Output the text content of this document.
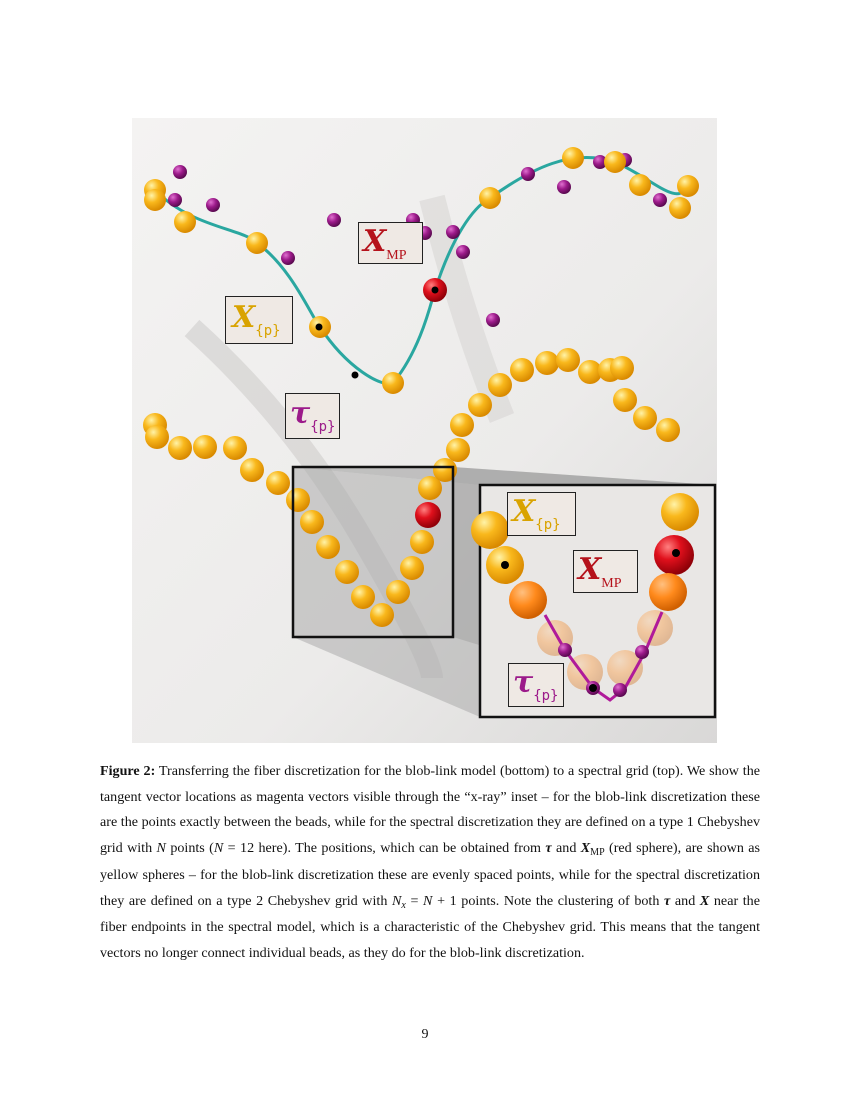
XMP
X{p}
τ{p}
X{p}
XMP
τ{p}
Figure 2: Transferring the fiber discretization for the blob-link model (bottom) to a spectral grid (top). We show the tangent vector locations as magenta vectors visible through the “x-ray” inset – for the blob-link discretization these are the points exactly between the beads, while for the spectral discretization they are defined on a type 1 Chebyshev grid with N points (N = 12 here). The positions, which can be obtained from τ and $X_{MP}$ (red sphere), are shown as yellow spheres – for the blob-link discretization these are evenly spaced points, while for the spectral discretization they are defined on a type 2 Chebyshev grid with $N_x = N + 1$ points. Note the clustering of both τ and X near the fiber endpoints in the spectral model, which is a characteristic of the Chebyshev grid. This means that the tangent vectors no longer connect individual beads, as they do for the blob-link discretization.
9
